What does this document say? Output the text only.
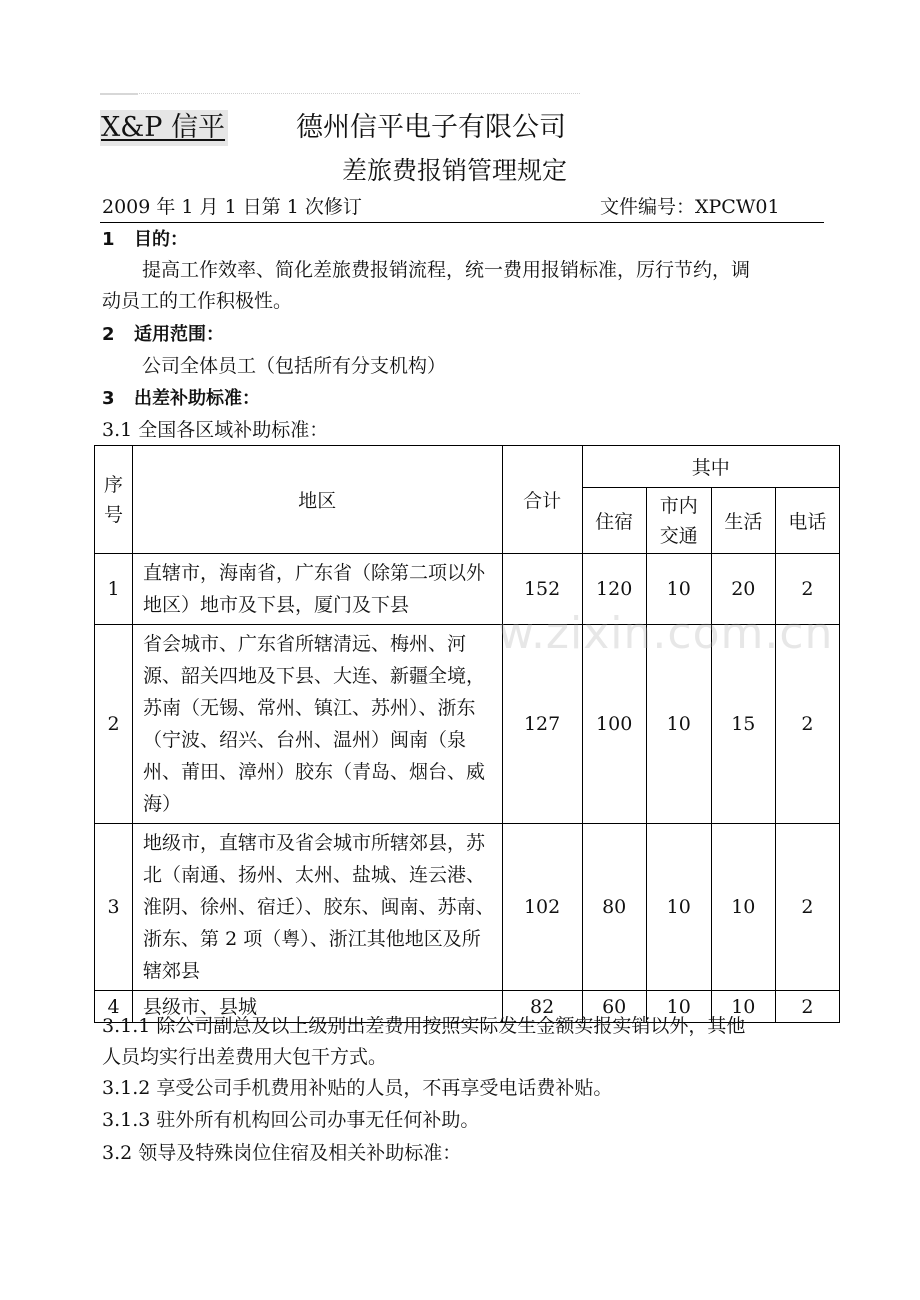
X&P 信平	德州信平电子有限公司
差旅费报销管理规定
2009 年 1 月 1 日第 1 次修订	文件编号：XPCW01
1 目的：
提高工作效率、简化差旅费报销流程，统一费用报销标准，厉行节约，调
动员工的工作积极性。
2 适用范围：
公司全体员工（包括所有分支机构）
3 出差补助标准：
3.1 全国各区域补助标准：
序号	地区	合计	其中			
			住宿	市内交通	生活	电话
1	直辖市，海南省，广东省（除第二项以外地区）地市及下县，厦门及下县	152	120	10	20	2
2	省会城市、广东省所辖清远、梅州、河源、韶关四地及下县、大连、新疆全境，苏南（无锡、常州、镇江、苏州）、浙东（宁波、绍兴、台州、温州）闽南（泉州、莆田、漳州）胶东（青岛、烟台、威海）	127	100	10	15	2
3	地级市，直辖市及省会城市所辖郊县，苏北（南通、扬州、太州、盐城、连云港、淮阴、徐州、宿迁）、胶东、闽南、苏南、浙东、第 2 项（粤）、浙江其他地区及所辖郊县	102	80	10	10	2
4	县级市、县城	82	60	10	10	2
w.zixin.com.cn
3.1.1 除公司副总及以上级别出差费用按照实际发生金额实报实销以外，其他
人员均实行出差费用大包干方式。
3.1.2 享受公司手机费用补贴的人员，不再享受电话费补贴。
3.1.3 驻外所有机构回公司办事无任何补助。
3.2 领导及特殊岗位住宿及相关补助标准：
